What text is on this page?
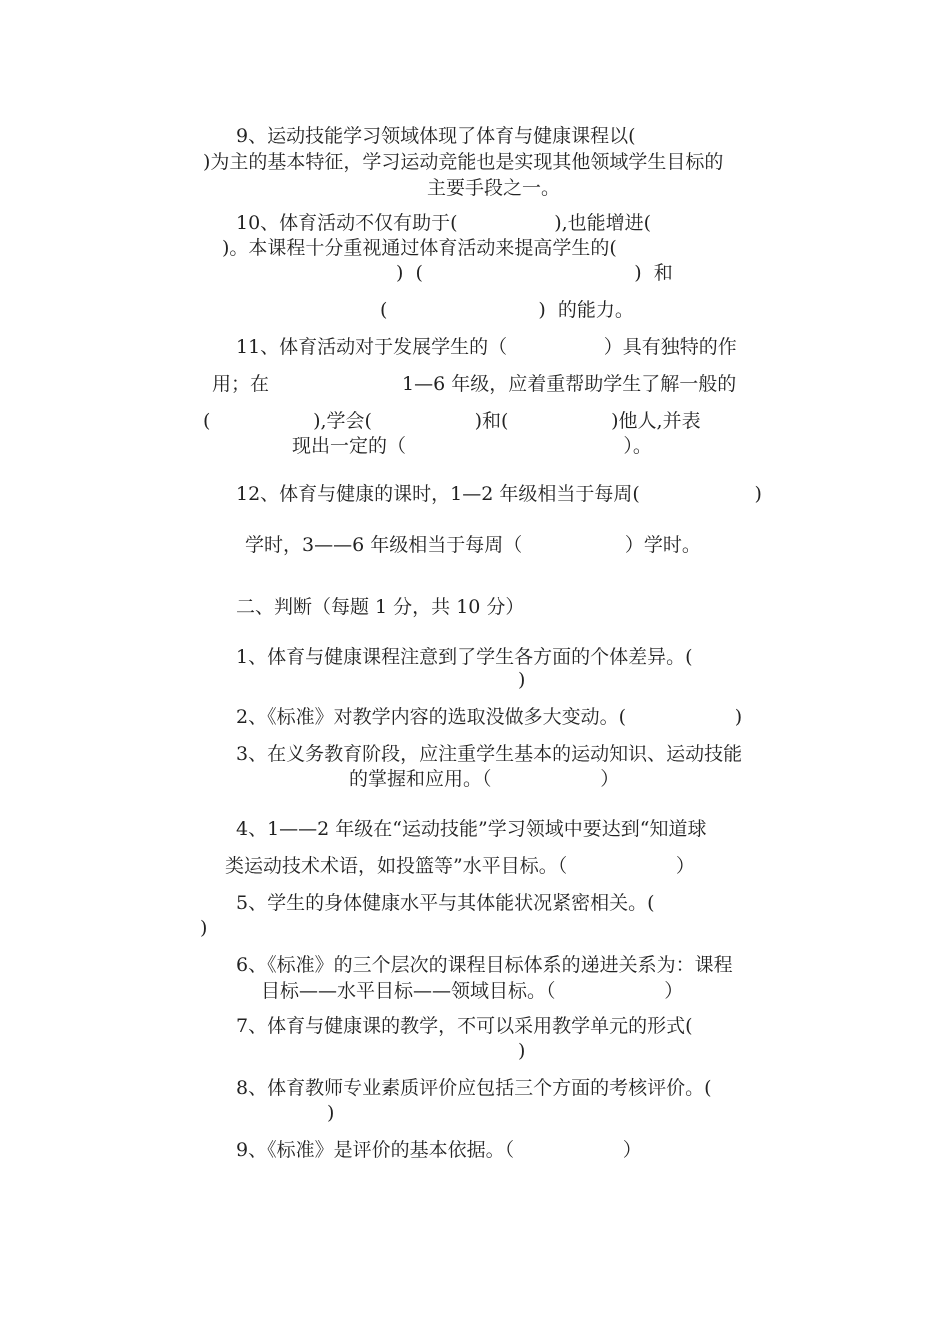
9、运动技能学习领域体现了体育与健康课程以(
)为主的基本特征，学习运动竞能也是实现其他领域学生目标的
主要手段之一。
10、体育活动不仅有助于(                ),也能增进(
)。本课程十分重视通过体育活动来提高学生的(
)  (                                   )  和
(                         )  的能力。
11、体育活动对于发展学生的（                ）具有独特的作
用；在	1—6 年级，应着重帮助学生了解一般的
(                 ),学会(                 )和(                 )他人,并表
现出一定的（                                    ）。
12、体育与健康的课时，1—2 年级相当于每周(                   )
学时，3——6 年级相当于每周（                 ）学时。
二、判断（每题 1 分，共 10 分）
1、体育与健康课程注意到了学生各方面的个体差异。(
)
2、《标准》对教学内容的选取没做多大变动。(                  )
3、在义务教育阶段，应注重学生基本的运动知识、运动技能
的掌握和应用。（                  ）
4、1——2 年级在“运动技能”学习领域中要达到“知道球
类运动技术术语，如投篮等”水平目标。（                  ）
5、学生的身体健康水平与其体能状况紧密相关。(
)
6、《标准》的三个层次的课程目标体系的递进关系为：课程
目标——水平目标——领域目标。（                  ）
7、体育与健康课的教学，不可以采用教学单元的形式(
)
8、体育教师专业素质评价应包括三个方面的考核评价。(
)
9、《标准》是评价的基本依据。（                  ）
